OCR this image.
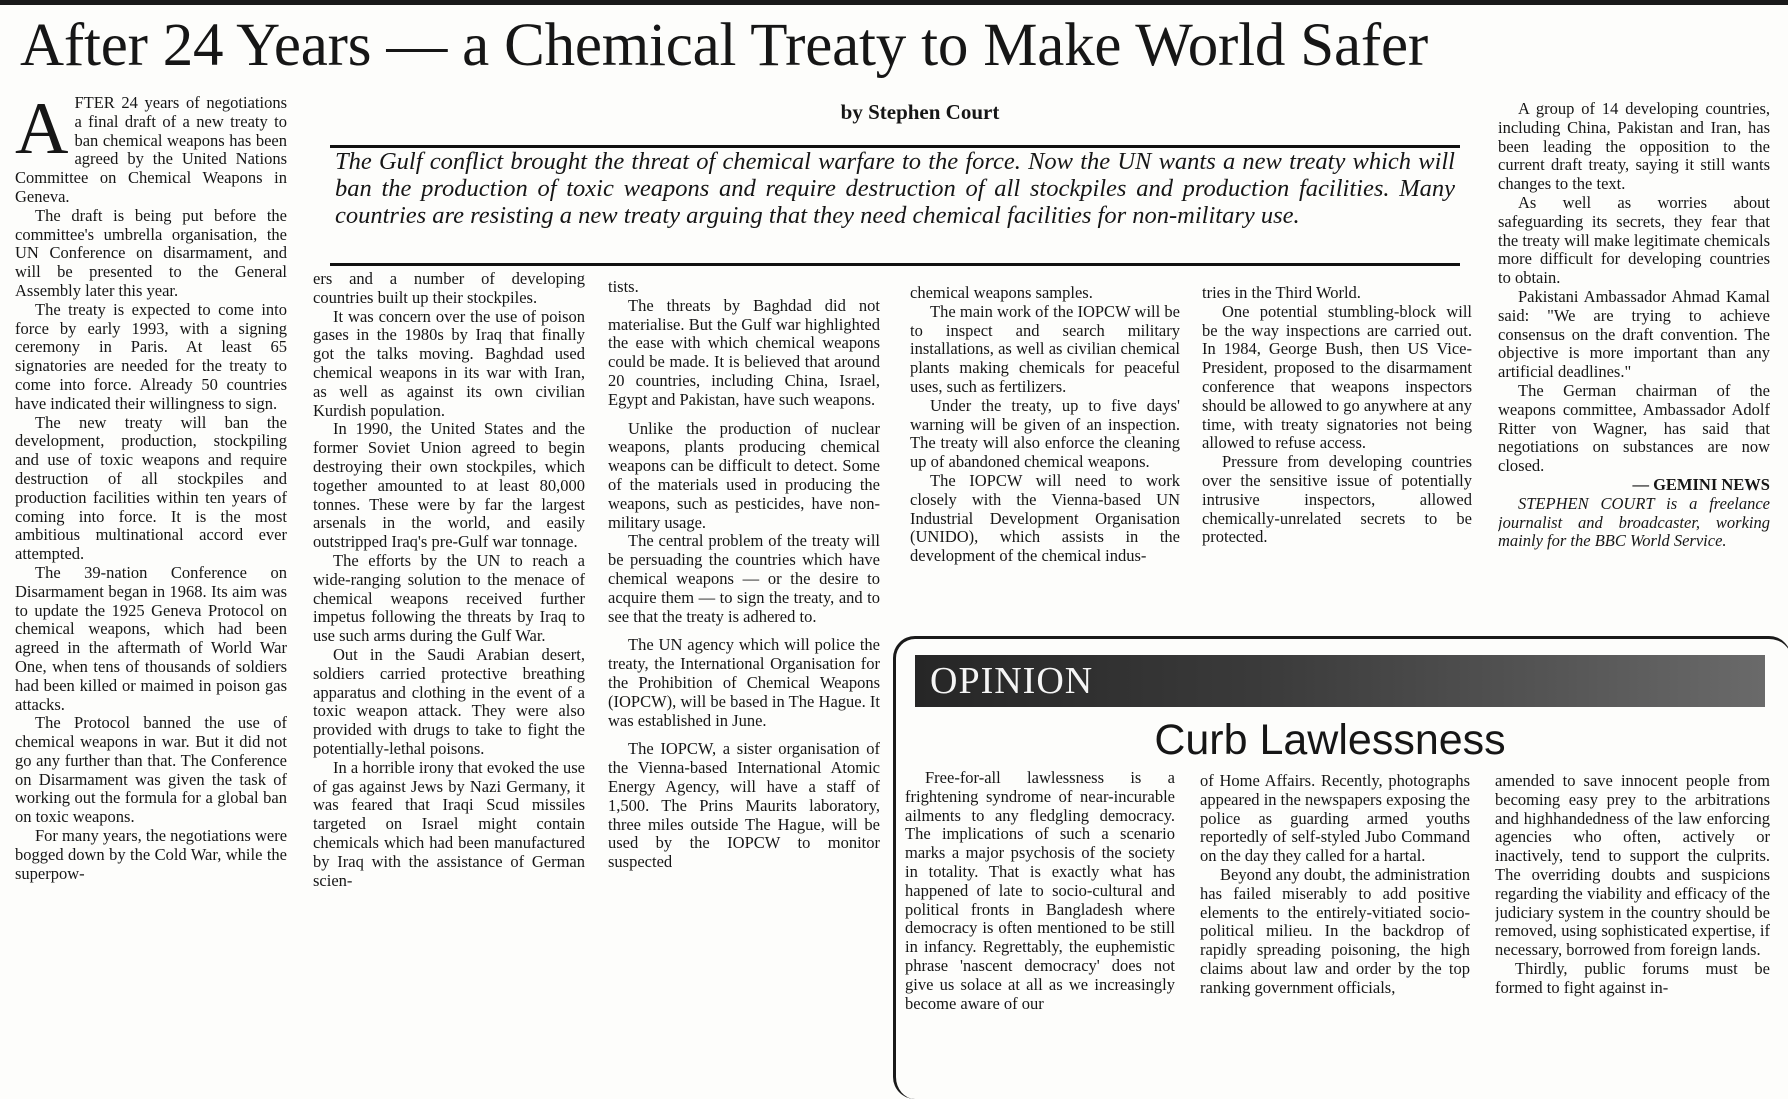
After 24 Years — a Chemical Treaty to Make World Safer
by Stephen Court
The Gulf conflict brought the threat of chemical warfare to the force. Now the UN wants a new treaty which will ban the production of toxic weapons and require destruction of all stockpiles and production facilities. Many countries are resisting a new treaty arguing that they need chemical facilities for non-military use.
A FTER 24 years of negotiations a final draft of a new treaty to ban chemical weapons has been agreed by the United Nations Committee on Chemical Weapons in Geneva.

The draft is being put before the committee's umbrella organisation, the UN Conference on disarmament, and will be presented to the General Assembly later this year.

The treaty is expected to come into force by early 1993, with a signing ceremony in Paris. At least 65 signatories are needed for the treaty to come into force. Already 50 countries have indicated their willingness to sign.

The new treaty will ban the development, production, stockpiling and use of toxic weapons and require destruction of all stockpiles and production facilities within ten years of coming into force. It is the most ambitious multinational accord ever attempted.

The 39-nation Conference on Disarmament began in 1968. Its aim was to update the 1925 Geneva Protocol on chemical weapons, which had been agreed in the aftermath of World War One, when tens of thousands of soldiers had been killed or maimed in poison gas attacks.

The Protocol banned the use of chemical weapons in war. But it did not go any further than that. The Conference on Disarmament was given the task of working out the formula for a global ban on toxic weapons.

For many years, the negotiations were bogged down by the Cold War, while the superpow-

ers and a number of developing countries built up their stockpiles.

It was concern over the use of poison gases in the 1980s by Iraq that finally got the talks moving. Baghdad used chemical weapons in its war with Iran, as well as against its own civilian Kurdish population.

In 1990, the United States and the former Soviet Union agreed to begin destroying their own stockpiles, which together amounted to at least 80,000 tonnes. These were by far the largest arsenals in the world, and easily outstripped Iraq's pre-Gulf war tonnage.

The efforts by the UN to reach a wide-ranging solution to the menace of chemical weapons received further impetus following the threats by Iraq to use such arms during the Gulf War.

Out in the Saudi Arabian desert, soldiers carried protective breathing apparatus and clothing in the event of a toxic weapon attack. They were also provided with drugs to take to fight the potentially-lethal poisons.

In a horrible irony that evoked the use of gas against Jews by Nazi Germany, it was feared that Iraqi Scud missiles targeted on Israel might contain chemicals which had been manufactured by Iraq with the assistance of German scien-

tists.

The threats by Baghdad did not materialise. But the Gulf war highlighted the ease with which chemical weapons could be made. It is believed that around 20 countries, including China, Israel, Egypt and Pakistan, have such weapons.

Unlike the production of nuclear weapons, plants producing chemical weapons can be difficult to detect. Some of the materials used in producing the weapons, such as pesticides, have non-military usage.

The central problem of the treaty will be persuading the countries which have chemical weapons — or the desire to acquire them — to sign the treaty, and to see that the treaty is adhered to.

The UN agency which will police the treaty, the International Organisation for the Prohibition of Chemical Weapons (IOPCW), will be based in The Hague. It was established in June.

The IOPCW, a sister organisation of the Vienna-based International Atomic Energy Agency, will have a staff of 1,500. The Prins Maurits laboratory, three miles outside The Hague, will be used by the IOPCW to monitor suspected

chemical weapons samples.

The main work of the IOPCW will be to inspect and search military installations, as well as civilian chemical plants making chemicals for peaceful uses, such as fertilizers.

Under the treaty, up to five days' warning will be given of an inspection. The treaty will also enforce the cleaning up of abandoned chemical weapons.

The IOPCW will need to work closely with the Vienna-based UN Industrial Development Organisation (UNIDO), which assists in the development of the chemical indus-

tries in the Third World.

One potential stumbling-block will be the way inspections are carried out. In 1984, George Bush, then US Vice-President, proposed to the disarmament conference that weapons inspectors should be allowed to go anywhere at any time, with treaty signatories not being allowed to refuse access.

Pressure from developing countries over the sensitive issue of potentially intrusive inspectors, allowed chemically-unrelated secrets to be protected.

A group of 14 developing countries, including China, Pakistan and Iran, has been leading the opposition to the current draft treaty, saying it still wants changes to the text.

As well as worries about safeguarding its secrets, they fear that the treaty will make legitimate chemicals more difficult for developing countries to obtain.

Pakistani Ambassador Ahmad Kamal said: "We are trying to achieve consensus on the draft convention. The objective is more important than any artificial deadlines."

The German chairman of the weapons committee, Ambassador Adolf Ritter von Wagner, has said that negotiations on substances are now closed.

— GEMINI NEWS

STEPHEN COURT is a freelance journalist and broadcaster, working mainly for the BBC World Service.

OPINION
Curb Lawlessness

Free-for-all lawlessness is a frightening syndrome of near-incurable ailments to any fledgling democracy. The implications of such a scenario marks a major psychosis of the society in totality. That is exactly what has happened of late to socio-cultural and political fronts in Bangladesh where democracy is often mentioned to be still in infancy. Regrettably, the euphemistic phrase 'nascent democracy' does not give us solace at all as we increasingly become aware of our

of Home Affairs. Recently, photographs appeared in the newspapers exposing the police as guarding armed youths reportedly of self-styled Jubo Command on the day they called for a hartal.

Beyond any doubt, the administration has failed miserably to add positive elements to the entirely-vitiated socio-political milieu. In the backdrop of rapidly spreading poisoning, the high claims about law and order by the top ranking government officials,

amended to save innocent people from becoming easy prey to the arbitrations and highhandedness of the law enforcing agencies who often, actively or inactively, tend to support the culprits. The overriding doubts and suspicions regarding the viability and efficacy of the judiciary system in the country should be removed, using sophisticated expertise, if necessary, borrowed from foreign lands.

Thirdly, public forums must be formed to fight against in-
